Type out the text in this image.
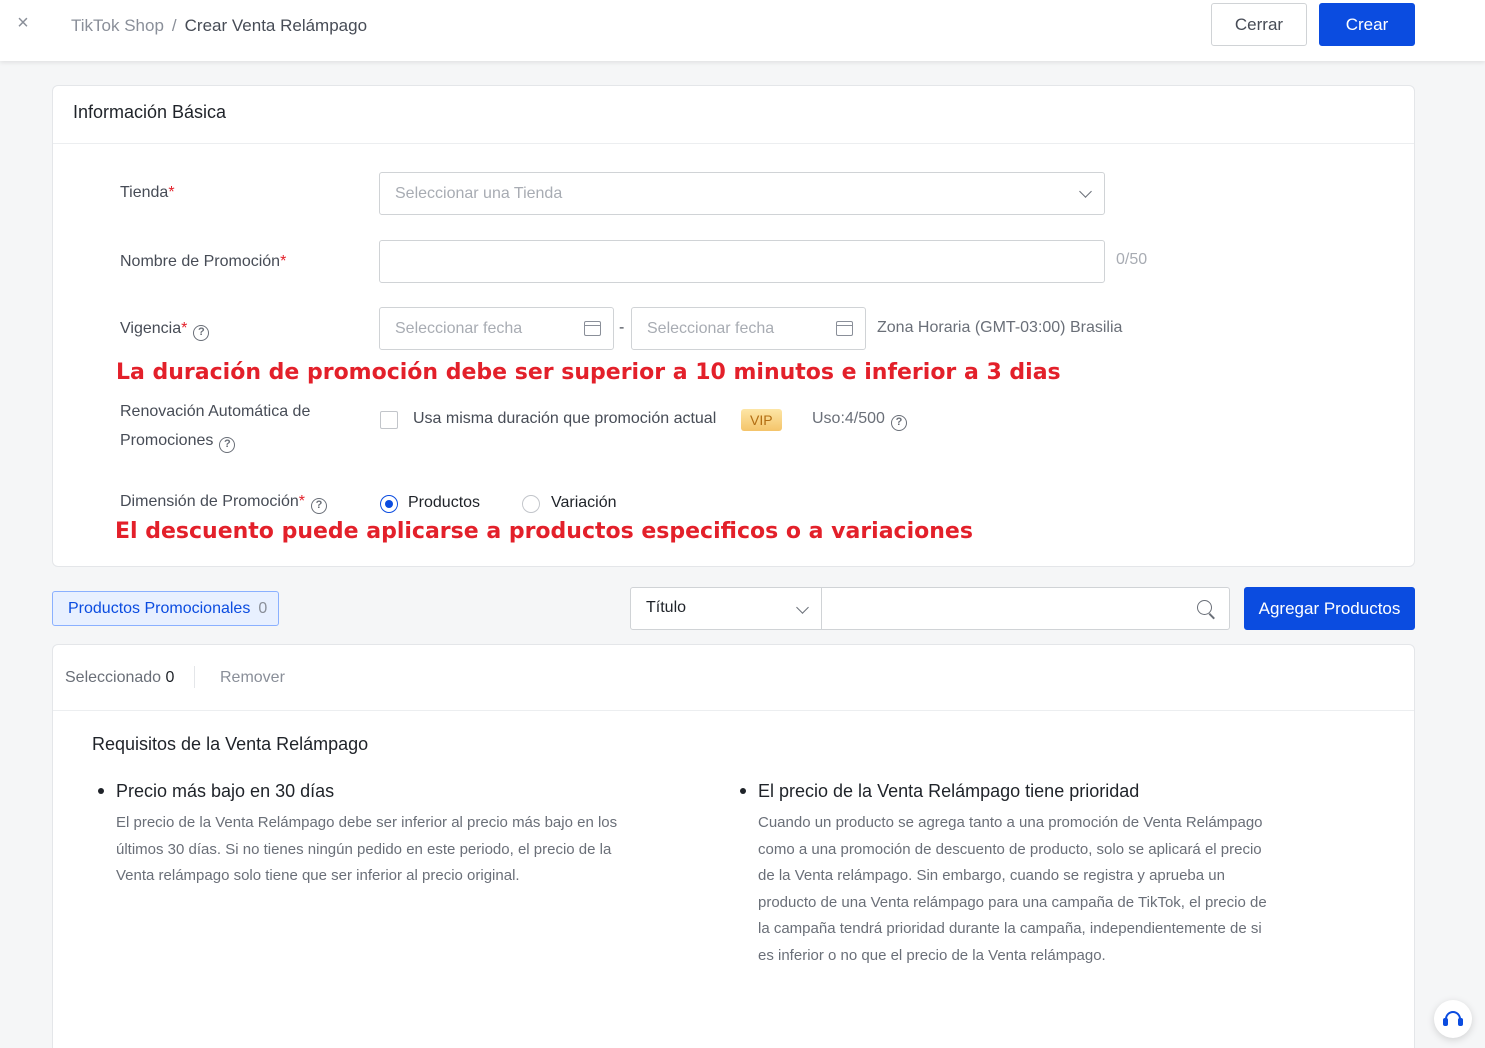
× TikTok Shop / Crear Venta Relámpago	Cerrar	Crear
Información Básica
Tienda*	Seleccionar una Tienda
Nombre de Promoción*	0/50
Vigencia* ?	Seleccionar fecha	- Seleccionar fecha	Zona Horaria (GMT-03:00) Brasilia
La duración de promoción debe ser superior a 10 minutos e inferior a 3 dias
Renovación Automática de
Promociones ?
Usa misma duración que promoción actual	VIP	Uso:4/500 ?
Dimensión de Promoción* ?	Productos	Variación
El descuento puede aplicarse a productos especificos o a variaciones
Productos Promocionales 0	Título	Agregar Productos
Seleccionado 0	Remover
Requisitos de la Venta Relámpago
Precio más bajo en 30 días
El precio de la Venta Relámpago debe ser inferior al precio más bajo en los últimos 30 días. Si no tienes ningún pedido en este periodo, el precio de la Venta relámpago solo tiene que ser inferior al precio original.
El precio de la Venta Relámpago tiene prioridad
Cuando un producto se agrega tanto a una promoción de Venta Relámpago como a una promoción de descuento de producto, solo se aplicará el precio de la Venta relámpago. Sin embargo, cuando se registra y aprueba un producto de una Venta relámpago para una campaña de TikTok, el precio de la campaña tendrá prioridad durante la campaña, independientemente de si es inferior o no que el precio de la Venta relámpago.
